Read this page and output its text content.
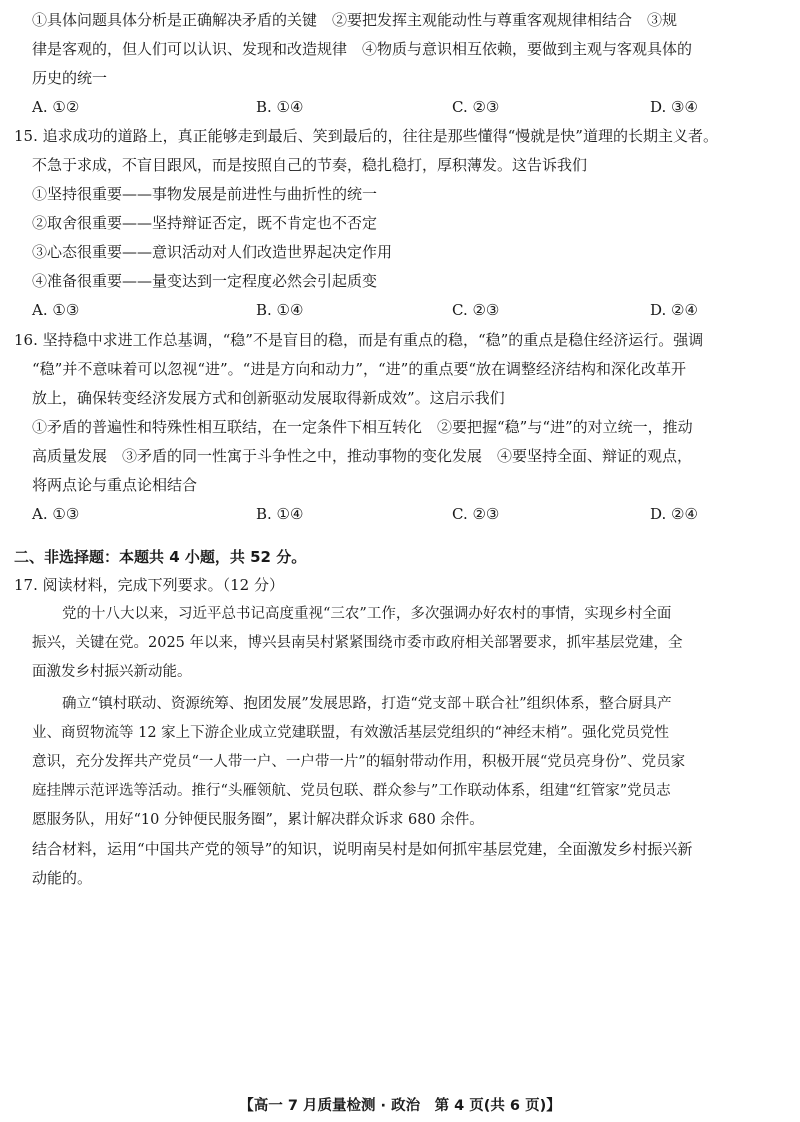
①具体问题具体分析是正确解决矛盾的关键　②要把发挥主观能动性与尊重客观规律相结合　③规
律是客观的，但人们可以认识、发现和改造规律　④物质与意识相互依赖，要做到主观与客观具体的
历史的统一
A. ①②	B. ①④	C. ②③	D. ③④
15. 追求成功的道路上，真正能够走到最后、笑到最后的，往往是那些懂得“慢就是快”道理的长期主义者。
不急于求成，不盲目跟风，而是按照自己的节奏，稳扎稳打，厚积薄发。这告诉我们
①坚持很重要——事物发展是前进性与曲折性的统一
②取舍很重要——坚持辩证否定，既不肯定也不否定
③心态很重要——意识活动对人们改造世界起决定作用
④准备很重要——量变达到一定程度必然会引起质变
A. ①③	B. ①④	C. ②③	D. ②④
16. 坚持稳中求进工作总基调，“稳”不是盲目的稳，而是有重点的稳，“稳”的重点是稳住经济运行。强调
“稳”并不意味着可以忽视“进”。“进是方向和动力”，“进”的重点要“放在调整经济结构和深化改革开
放上，确保转变经济发展方式和创新驱动发展取得新成效”。这启示我们
①矛盾的普遍性和特殊性相互联结，在一定条件下相互转化　②要把握“稳”与“进”的对立统一，推动
高质量发展　③矛盾的同一性寓于斗争性之中，推动事物的变化发展　④要坚持全面、辩证的观点，
将两点论与重点论相结合
A. ①③	B. ①④	C. ②③	D. ②④
二、非选择题：本题共 4 小题，共 52 分。
17. 阅读材料，完成下列要求。（12 分）
党的十八大以来，习近平总书记高度重视“三农”工作，多次强调办好农村的事情，实现乡村全面
振兴，关键在党。2025 年以来，博兴县南吴村紧紧围绕市委市政府相关部署要求，抓牢基层党建，全
面激发乡村振兴新动能。
确立“镇村联动、资源统筹、抱团发展”发展思路，打造“党支部＋联合社”组织体系，整合厨具产
业、商贸物流等 12 家上下游企业成立党建联盟，有效激活基层党组织的“神经末梢”。强化党员党性
意识，充分发挥共产党员“一人带一户、一户带一片”的辐射带动作用，积极开展“党员亮身份”、党员家
庭挂牌示范评选等活动。推行“头雁领航、党员包联、群众参与”工作联动体系，组建“红管家”党员志
愿服务队，用好“10 分钟便民服务圈”，累计解决群众诉求 680 余件。
结合材料，运用“中国共产党的领导”的知识，说明南吴村是如何抓牢基层党建，全面激发乡村振兴新
动能的。
【高一 7 月质量检测 · 政治　第 4 页(共 6 页)】
